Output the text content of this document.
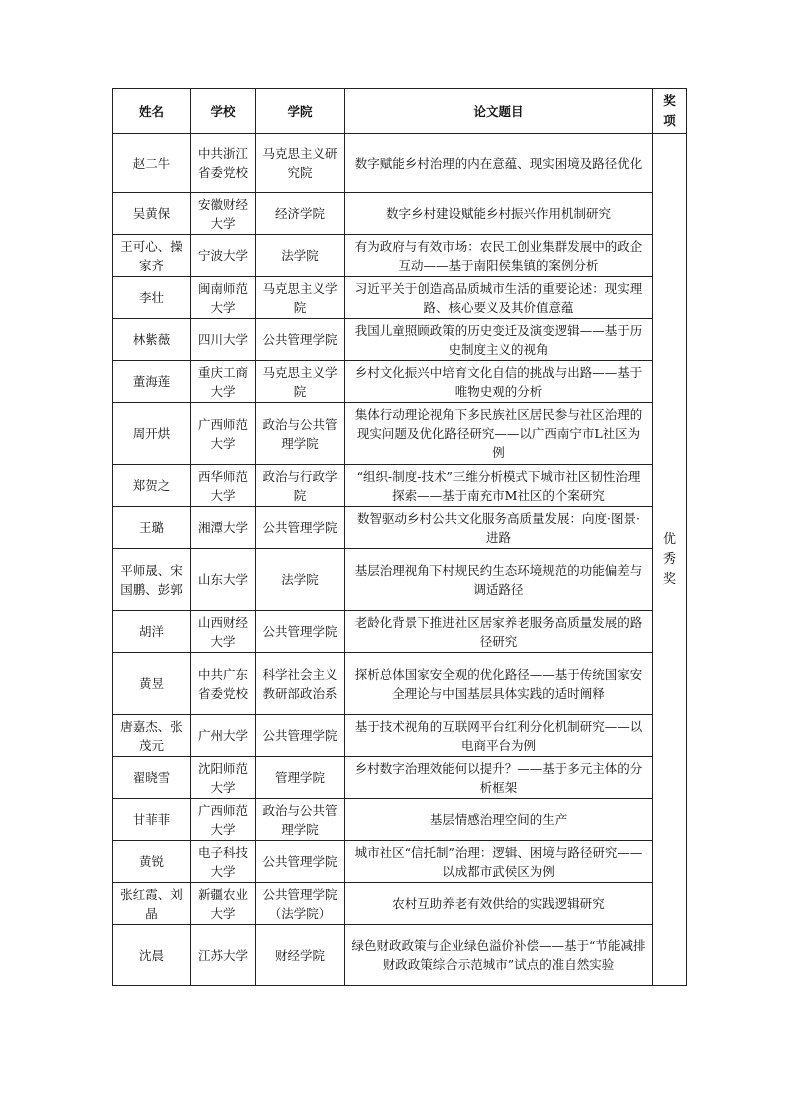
姓名	学校	学院	论文题目	奖项
赵二牛	中共浙江省委党校	马克思主义研究院	数字赋能乡村治理的内在意蕴、现实困境及路径优化	优秀奖
吴黄保	安徽财经大学	经济学院	数字乡村建设赋能乡村振兴作用机制研究	
王可心、操家齐	宁波大学	法学院	有为政府与有效市场：农民工创业集群发展中的政企互动——基于南阳侯集镇的案例分析	
李壮	闽南师范大学	马克思主义学院	习近平关于创造高品质城市生活的重要论述：现实理路、核心要义及其价值意蕴	
林紫薇	四川大学	公共管理学院	我国儿童照顾政策的历史变迁及演变逻辑——基于历史制度主义的视角	
董海莲	重庆工商大学	马克思主义学院	乡村文化振兴中培育文化自信的挑战与出路——基于唯物史观的分析	
周开烘	广西师范大学	政治与公共管理学院	集体行动理论视角下多民族社区居民参与社区治理的现实问题及优化路径研究——以广西南宁市L社区为例	
郑贺之	西华师范大学	政治与行政学院	“组织-制度-技术”三维分析模式下城市社区韧性治理探索——基于南充市M社区的个案研究	
王璐	湘潭大学	公共管理学院	数智驱动乡村公共文化服务高质量发展：向度·图景·进路	
平师晟、宋国鹏、彭郭	山东大学	法学院	基层治理视角下村规民约生态环境规范的功能偏差与调适路径	
胡洋	山西财经大学	公共管理学院	老龄化背景下推进社区居家养老服务高质量发展的路径研究	
黄昱	中共广东省委党校	科学社会主义教研部政治系	探析总体国家安全观的优化路径——基于传统国家安全理论与中国基层具体实践的适时阐释	
唐嘉杰、张茂元	广州大学	公共管理学院	基于技术视角的互联网平台红利分化机制研究——以电商平台为例	
翟晓雪	沈阳师范大学	管理学院	乡村数字治理效能何以提升？——基于多元主体的分析框架	
甘菲菲	广西师范大学	政治与公共管理学院	基层情感治理空间的生产	
黄锐	电子科技大学	公共管理学院	城市社区“信托制”治理：逻辑、困境与路径研究——以成都市武侯区为例	
张红霞、刘晶	新疆农业大学	公共管理学院（法学院）	农村互助养老有效供给的实践逻辑研究	
沈晨	江苏大学	财经学院	绿色财政政策与企业绿色溢价补偿——基于“节能减排财政政策综合示范城市”试点的准自然实验	
